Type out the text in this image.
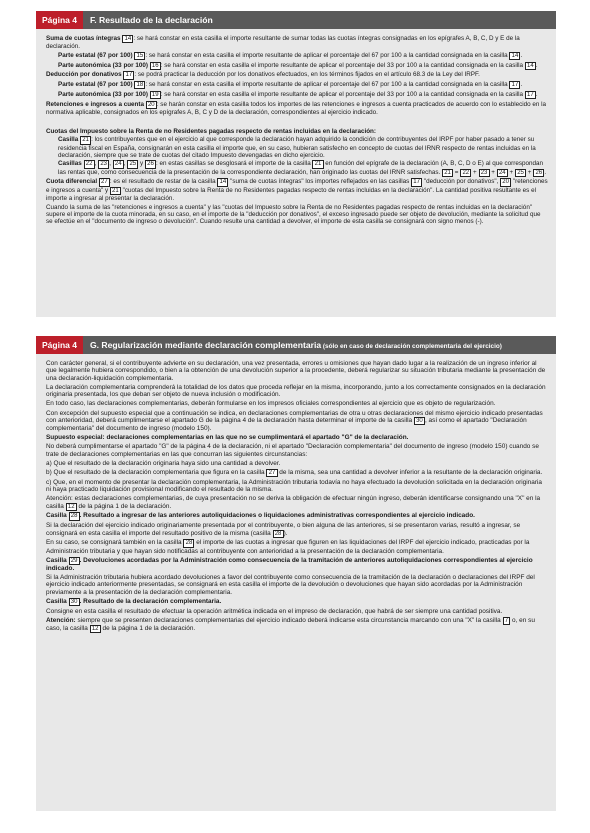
Página 4	F. Resultado de la declaración

Suma de cuotas íntegras 14 : se hará constar en esta casilla el importe resultante de sumar todas las cuotas íntegras consignadas en los epígrafes A, B, C, D y E de la declaración.

Parte estatal (67 por 100) 15 : se hará constar en esta casilla el importe resultante de aplicar el porcentaje del 67 por 100 a la cantidad consignada en la casilla 14 .

Parte autonómica (33 por 100) 16 : se hará constar en esta casilla el importe resultante de aplicar el porcentaje del 33 por 100 a la cantidad consignada en la casilla 14 .

Deducción por donativos 17 : se podrá practicar la deducción por los donativos efectuados, en los términos fijados en el artículo 68.3 de la Ley del IRPF.

Parte estatal (67 por 100) 18 : se hará constar en esta casilla el importe resultante de aplicar el porcentaje del 67 por 100 a la cantidad consignada en la casilla 17 .

Parte autonómica (33 por 100) 19 : se hará constar en esta casilla el importe resultante de aplicar el porcentaje del 33 por 100 a la cantidad consignada en la casilla 17 .

Retenciones e ingresos a cuenta 20 : se harán constar en esta casilla todos los importes de las retenciones e ingresos a cuenta practicados de acuerdo con lo establecido en la normativa aplicable, consignados en los epígrafes A, B, C y D de la declaración, correspondientes al ejercicio indicado.

Cuotas del Impuesto sobre la Renta de no Residentes pagadas respecto de rentas incluidas en la declaración:

Casilla 21 : los contribuyentes que en el ejercicio al que corresponde la declaración hayan adquirido la condición de contribuyentes del IRPF por haber pasado a tener su residencia fiscal en España, consignarán en esta casilla el importe que, en su caso, hubieran satisfecho en concepto de cuotas del IRNR respecto de rentas incluidas en la declaración, siempre que se trate de cuotas del citado Impuesto devengadas en dicho ejercicio.

Casillas 22 , 23 , 24 , 25 y 26 : en estas casillas se desglosará el importe de la casilla 21 en función del epígrafe de la declaración (A, B, C, D o E) al que correspondan las rentas que, como consecuencia de la presentación de la correspondiente declaración, han originado las cuotas del IRNR satisfechas. 21 = 22 + 23 + 24 + 25 + 26 .

Cuota diferencial 27 : es el resultado de restar de la casilla 14 "suma de cuotas íntegras" los importes reflejados en las casillas 17 "deducción por donativos", 20 "retenciones e ingresos a cuenta" y 21 "cuotas del Impuesto sobre la Renta de no Residentes pagadas respecto de rentas incluidas en la declaración". La cantidad positiva resultante es el importe a ingresar al presentar la declaración.

Cuando la suma de las "retenciones e ingresos a cuenta" y las "cuotas del Impuesto sobre la Renta de no Residentes pagadas respecto de rentas incluidas en la declaración" supere el importe de la cuota minorada, en su caso, en el importe de la "deducción por donativos", el exceso ingresado puede ser objeto de devolución, mediante la solicitud que se efectúe en el "documento de ingreso o devolución". Cuando resulte una cantidad a devolver, el importe de esta casilla se consignará con signo menos (-).

Página 4	G. Regularización mediante declaración complementaria (sólo en caso de declaración complementaria del ejercicio)

Con carácter general, si el contribuyente advierte en su declaración, una vez presentada, errores u omisiones que hayan dado lugar a la realización de un ingreso inferior al que legalmente hubiera correspondido, o bien a la obtención de una devolución superior a la procedente, deberá regularizar su situación tributaria mediante la presentación de una declaración-liquidación complementaria.

La declaración complementaria comprenderá la totalidad de los datos que proceda reflejar en la misma, incorporando, junto a los correctamente consignados en la declaración originaria presentada, los que deban ser objeto de nueva inclusión o modificación.

En todo caso, las declaraciones complementarias, deberán formularse en los impresos oficiales correspondientes al ejercicio que es objeto de regularización.

Con excepción del supuesto especial que a continuación se indica, en declaraciones complementarias de otra u otras declaraciones del mismo ejercicio indicado presentadas con anterioridad, deberá cumplimentarse el apartado G de la página 4 de la declaración hasta determinar el importe de la casilla 30 , así como el apartado "Declaración complementaria" del documento de ingreso (modelo 150).

Supuesto especial: declaraciones complementarias en las que no se cumplimentará el apartado "G" de la declaración.

No deberá cumplimentarse el apartado "G" de la página 4 de la declaración, ni el apartado "Declaración complementaria" del documento de ingreso (modelo 150) cuando se trate de declaraciones complementarias en las que concurran las siguientes circunstancias:

a) Que el resultado de la declaración originaria haya sido una cantidad a devolver.

b) Que el resultado de la declaración complementaria que figura en la casilla 27 de la misma, sea una cantidad a devolver inferior a la resultante de la declaración originaria.

c) Que, en el momento de presentar la declaración complementaria, la Administración tributaria todavía no haya efectuado la devolución solicitada en la declaración originaria ni haya practicado liquidación provisional modificando el resultado de la misma.

Atención: estas declaraciones complementarias, de cuya presentación no se deriva la obligación de efectuar ningún ingreso, deberán identificarse consignando una "X" en la casilla 12 de la página 1 de la declaración.

Casilla 28 . Resultado a ingresar de las anteriores autoliquidaciones o liquidaciones administrativas correspondientes al ejercicio indicado.

Si la declaración del ejercicio indicado originariamente presentada por el contribuyente, o bien alguna de las anteriores, si se presentaron varias, resultó a ingresar, se consignará en esta casilla el importe del resultado positivo de la misma (casilla 28 ).

En su caso, se consignará también en la casilla 28 el importe de las cuotas a ingresar que figuren en las liquidaciones del IRPF del ejercicio indicado, practicadas por la Administración tributaria y que hayan sido notificadas al contribuyente con anterioridad a la presentación de la declaración complementaria.

Casilla 29 . Devoluciones acordadas por la Administración como consecuencia de la tramitación de anteriores autoliquidaciones correspondientes al ejercicio indicado.

Si la Administración tributaria hubiera acordado devoluciones a favor del contribuyente como consecuencia de la tramitación de la declaración o declaraciones del IRPF del ejercicio indicado anteriormente presentadas, se consignará en esta casilla el importe de la devolución o devoluciones que hayan sido acordadas por la Administración previamente a la presentación de la declaración complementaria.

Casilla 30 . Resultado de la declaración complementaria.

Consigne en esta casilla el resultado de efectuar la operación aritmética indicada en el impreso de declaración, que habrá de ser siempre una cantidad positiva.

Atención: siempre que se presenten declaraciones complementarias del ejercicio indicado deberá indicarse esta circunstancia marcando con una "X" la casilla 7 o, en su caso, la casilla 12 de la página 1 de la declaración.
